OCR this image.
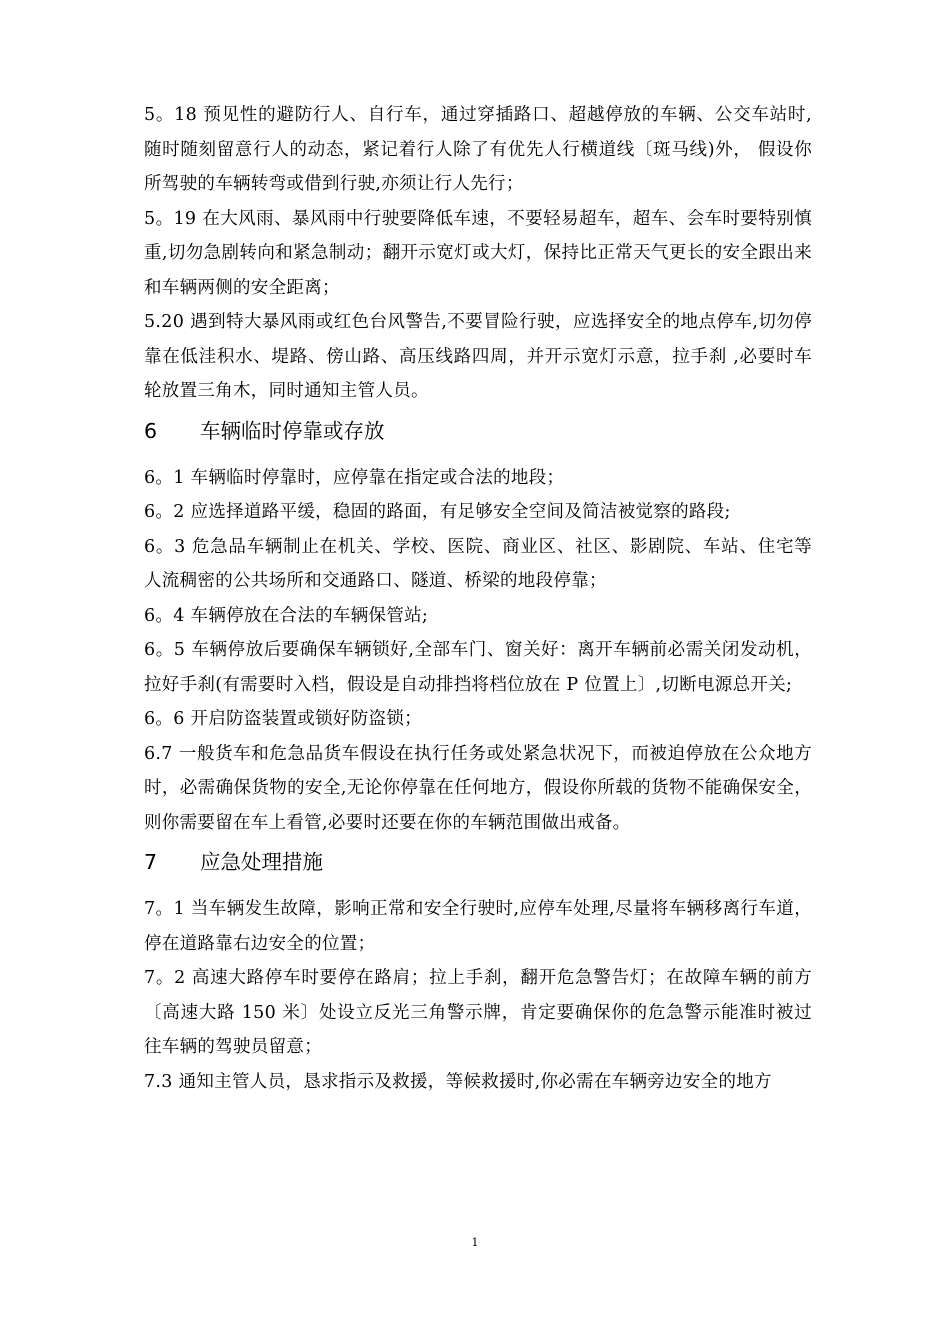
5。18 预见性的避防行人、自行车，通过穿插路口、超越停放的车辆、公交车站时,随时随刻留意行人的动态，紧记着行人除了有优先人行横道线〔斑马线)外， 假设你所驾驶的车辆转弯或借到行驶,亦须让行人先行；

5。19 在大风雨、暴风雨中行驶要降低车速，不要轻易超车，超车、会车时要特别慎重,切勿急剧转向和紧急制动；翻开示宽灯或大灯，保持比正常天气更长的安全跟出来和车辆两侧的安全距离；

5.20 遇到特大暴风雨或红色台风警告,不要冒险行驶，应选择安全的地点停车,切勿停靠在低洼积水、堤路、傍山路、高压线路四周，并开示宽灯示意，拉手刹 ,必要时车轮放置三角木，同时通知主管人员。

6	车辆临时停靠或存放

6。1 车辆临时停靠时，应停靠在指定或合法的地段；

6。2 应选择道路平缓，稳固的路面，有足够安全空间及简洁被觉察的路段;

6。3 危急品车辆制止在机关、学校、医院、商业区、社区、影剧院、车站、住宅等人流稠密的公共场所和交通路口、隧道、桥梁的地段停靠；

6。4 车辆停放在合法的车辆保管站;

6。5 车辆停放后要确保车辆锁好,全部车门、窗关好：离开车辆前必需关闭发动机，拉好手刹(有需要时入档，假设是自动排挡将档位放在 P 位置上〕,切断电源总开关;

6。6 开启防盗装置或锁好防盗锁；

6.7 一般货车和危急品货车假设在执行任务或处紧急状况下，而被迫停放在公众地方时，必需确保货物的安全,无论你停靠在任何地方，假设你所载的货物不能确保安全，则你需要留在车上看管,必要时还要在你的车辆范围做出戒备。

7	应急处理措施

7。1 当车辆发生故障，影响正常和安全行驶时,应停车处理,尽量将车辆移离行车道，停在道路靠右边安全的位置；

7。2 高速大路停车时要停在路肩；拉上手刹，翻开危急警告灯；在故障车辆的前方〔高速大路 150 米〕处设立反光三角警示牌，肯定要确保你的危急警示能准时被过往车辆的驾驶员留意；

7.3 通知主管人员，恳求指示及救援，等候救援时,你必需在车辆旁边安全的地方

1
